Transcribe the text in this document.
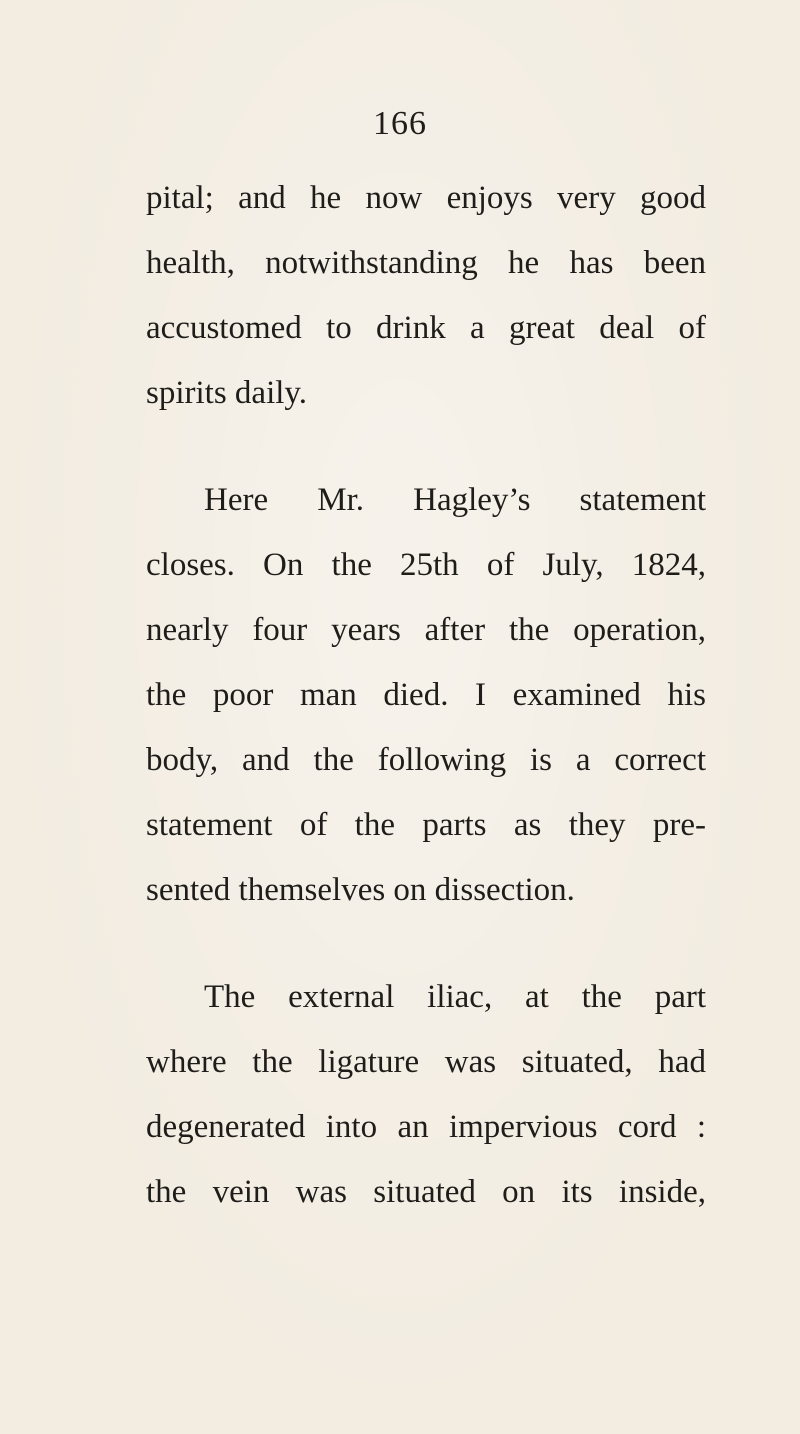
166
pital; and he now enjoys very good
health, notwithstanding he has been
accustomed to drink a great deal of
spirits daily.
Here Mr. Hagley’s statement
closes. On the 25th of July, 1824,
nearly four years after the operation,
the poor man died. I examined his
body, and the following is a correct
statement of the parts as they pre-
sented themselves on dissection.
The external iliac, at the part
where the ligature was situated, had
degenerated into an impervious cord :
the vein was situated on its inside,
